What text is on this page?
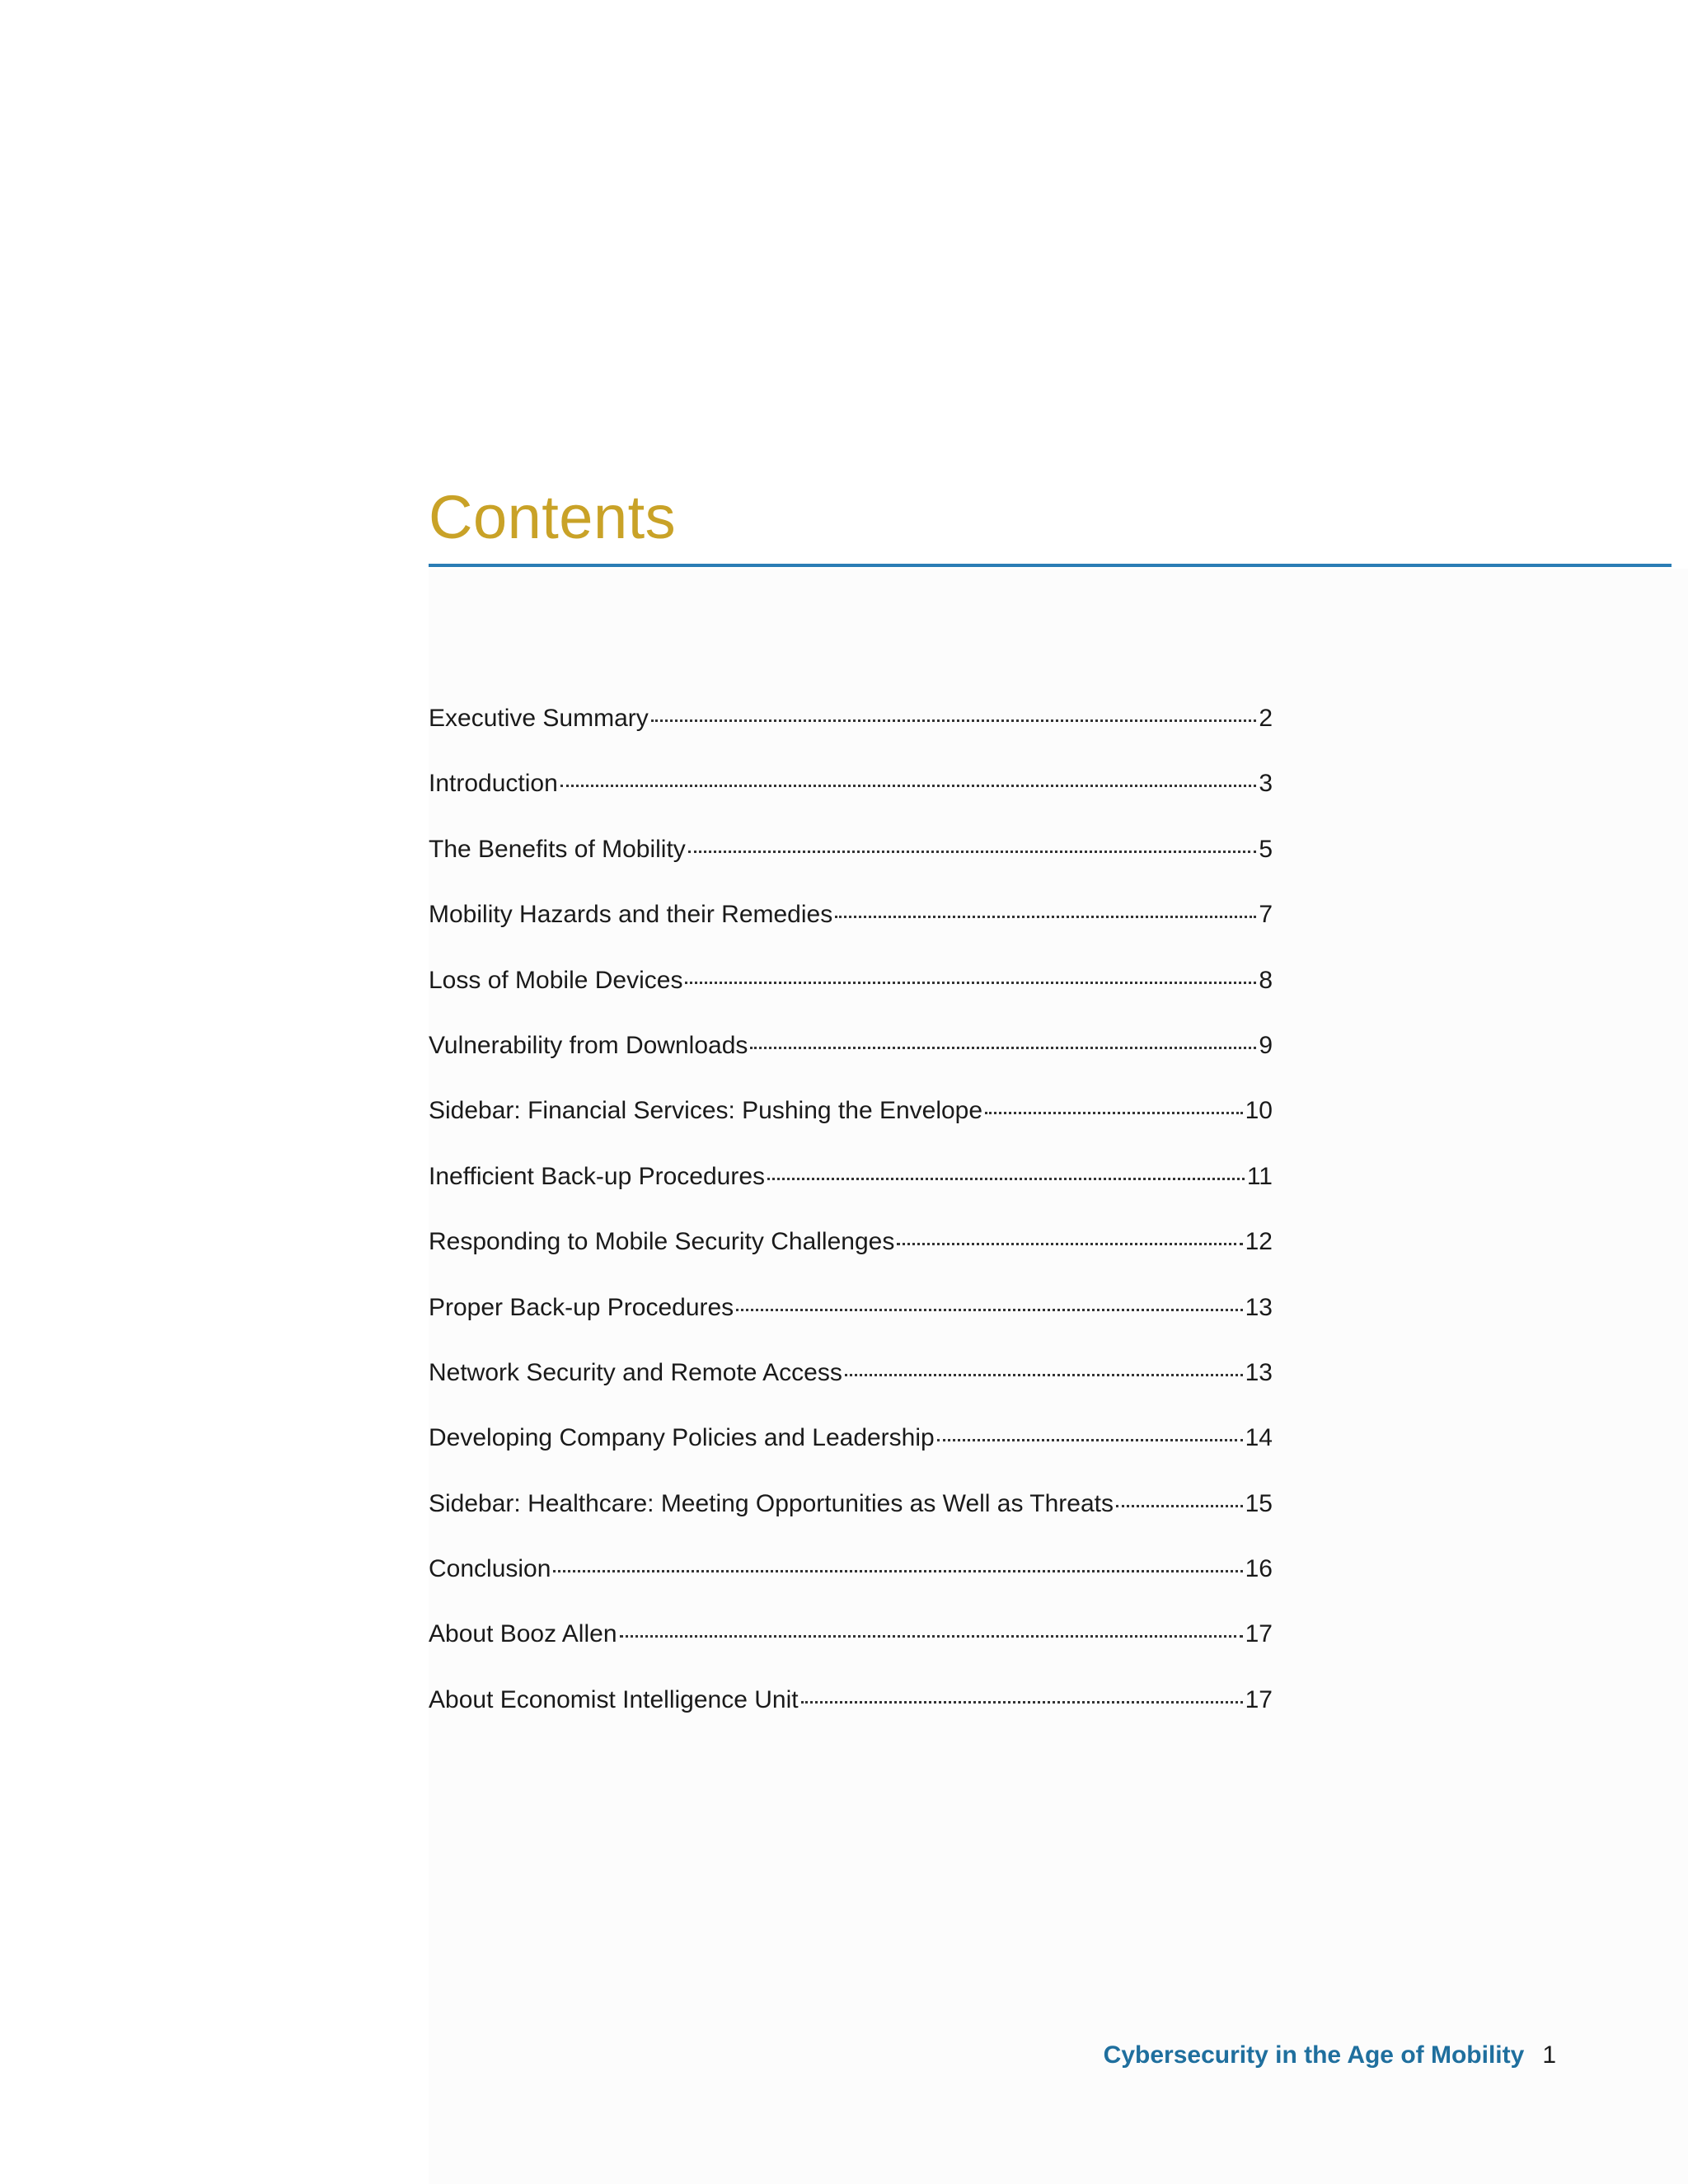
Contents
Executive Summary	2
Introduction	3
The Benefits of Mobility	5
Mobility Hazards and their Remedies	7
Loss of Mobile Devices	8
Vulnerability from Downloads	9
Sidebar: Financial Services: Pushing the Envelope	10
Inefficient Back-up Procedures	11
Responding to Mobile Security Challenges	12
Proper Back-up Procedures	13
Network Security and Remote Access	13
Developing Company Policies and Leadership	14
Sidebar: Healthcare: Meeting Opportunities as Well as Threats	15
Conclusion	16
About Booz Allen	17
About Economist Intelligence Unit	17
Cybersecurity in the Age of Mobility 1
